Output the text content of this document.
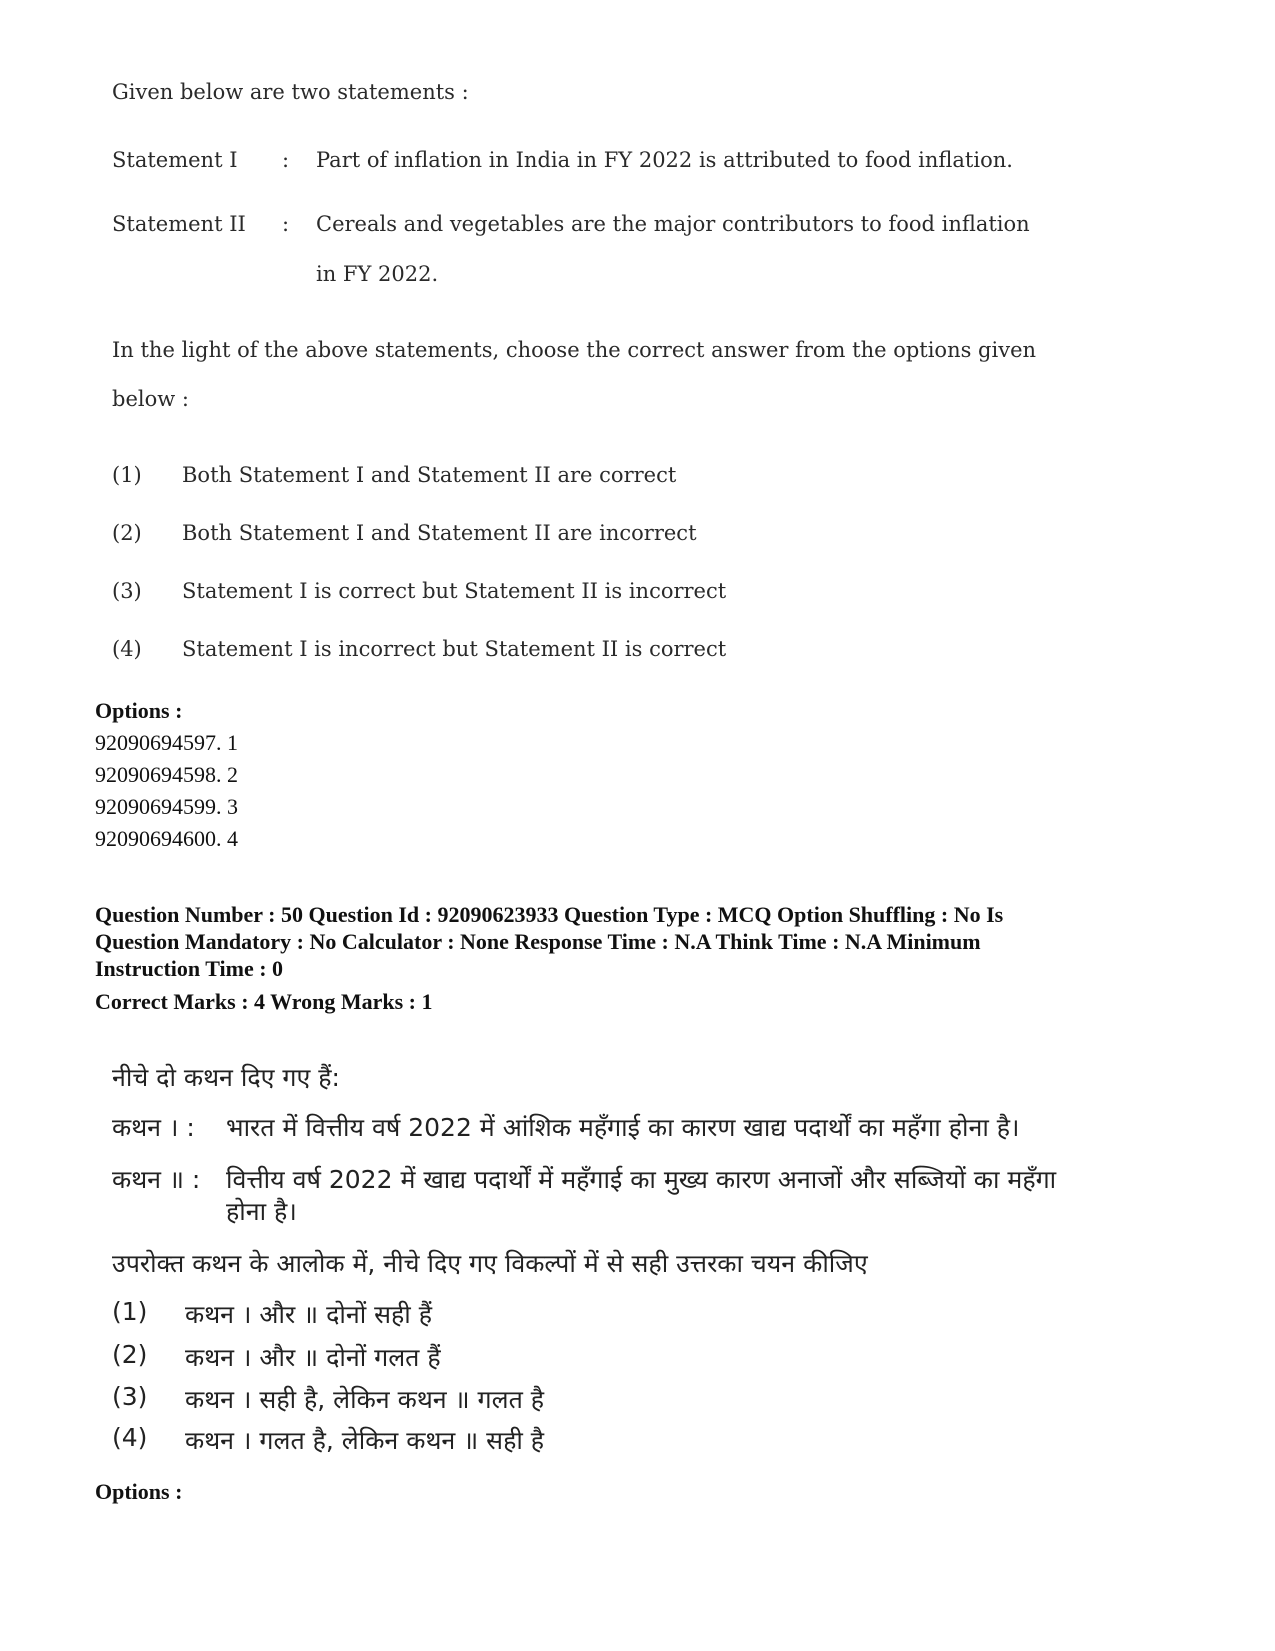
Given below are two statements :
Statement I : Part of inflation in India in FY 2022 is attributed to food inflation.
Statement II : Cereals and vegetables are the major contributors to food inflation
in FY 2022.
In the light of the above statements, choose the correct answer from the options given
below :
(1) Both Statement I and Statement II are correct
(2) Both Statement I and Statement II are incorrect
(3) Statement I is correct but Statement II is incorrect
(4) Statement I is incorrect but Statement II is correct
Options :
92090694597. 1
92090694598. 2
92090694599. 3
92090694600. 4
Question Number : 50 Question Id : 92090623933 Question Type : MCQ Option Shuffling : No Is
Question Mandatory : No Calculator : None Response Time : N.A Think Time : N.A Minimum
Instruction Time : 0
Correct Marks : 4 Wrong Marks : 1
नीचे दो कथन दिए गए हैं:
कथन । : भारत में वित्तीय वर्ष 2022 में आंशिक महँगाई का कारण खाद्य पदार्थों का महँगा होना है।
कथन ॥ : वित्तीय वर्ष 2022 में खाद्य पदार्थों में महँगाई का मुख्य कारण अनाजों और सब्जियों का महँगा
होना है।
उपरोक्त कथन के आलोक में, नीचे दिए गए विकल्पों में से सही उत्तरका चयन कीजिए
(1) कथन । और ॥ दोनों सही हैं
(2) कथन । और ॥ दोनों गलत हैं
(3) कथन । सही है, लेकिन कथन ॥ गलत है
(4) कथन । गलत है, लेकिन कथन ॥ सही है
Options :
